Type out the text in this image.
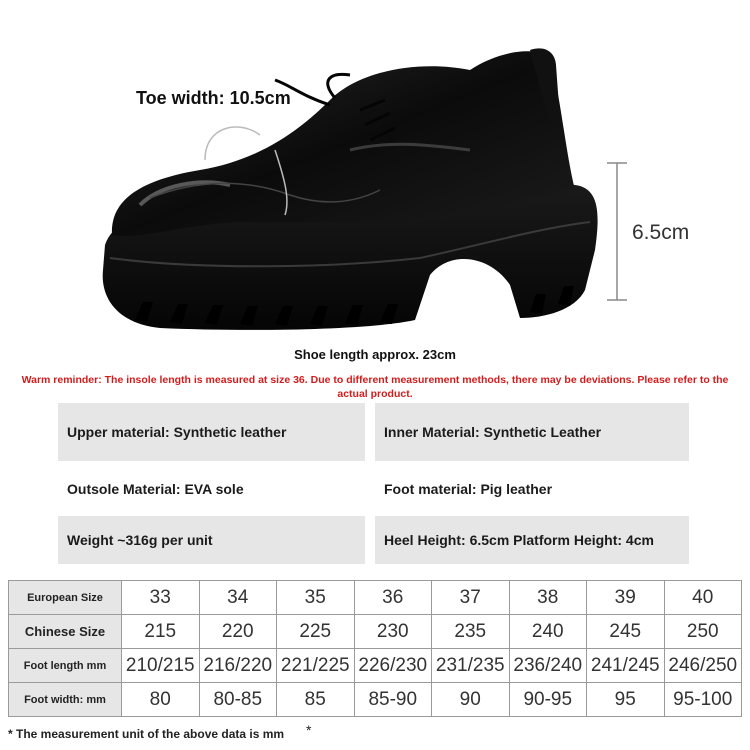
Toe width: 10.5cm
6.5cm
Shoe length approx. 23cm
Warm reminder: The insole length is measured at size 36. Due to different measurement methods, there may be deviations. Please refer to the actual product.
Upper material: Synthetic leather	Inner Material: Synthetic Leather
Outsole Material: EVA sole	Foot material: Pig leather
Weight ~316g per unit	Heel Height: 6.5cm Platform Height: 4cm
European Size	33	34	35	36	37	38	39	40
Chinese Size	215	220	225	230	235	240	245	250
Foot length mm	210/215	216/220	221/225	226/230	231/235	236/240	241/245	246/250
Foot width: mm	80	80-85	85	85-90	90	90-95	95	95-100
* The measurement unit of the above data is mm *
